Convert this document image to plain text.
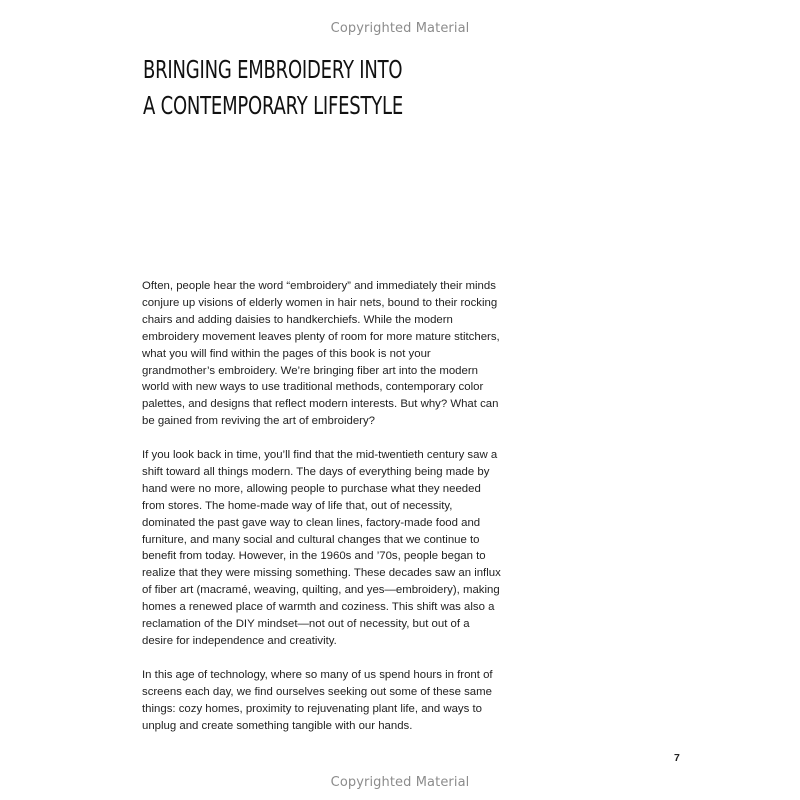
Copyrighted Material
BRINGING EMBROIDERY INTO
A CONTEMPORARY LIFESTYLE

Often, people hear the word “embroidery” and immediately their minds conjure up visions of elderly women in hair nets, bound to their rocking chairs and adding daisies to handkerchiefs. While the modern embroidery movement leaves plenty of room for more mature stitchers, what you will find within the pages of this book is not your grandmother’s embroidery. We’re bringing fiber art into the modern world with new ways to use traditional methods, contemporary color palettes, and designs that reflect modern interests. But why? What can be gained from reviving the art of embroidery?

If you look back in time, you’ll find that the mid-twentieth century saw a shift toward all things modern. The days of everything being made by hand were no more, allowing people to purchase what they needed from stores. The home-made way of life that, out of necessity, dominated the past gave way to clean lines, factory-made food and furniture, and many social and cultural changes that we continue to benefit from today. However, in the 1960s and ’70s, people began to realize that they were missing something. These decades saw an influx of fiber art (macramé, weaving, quilting, and yes—embroidery), making homes a renewed place of warmth and coziness. This shift was also a reclamation of the DIY mindset—not out of necessity, but out of a desire for independence and creativity.

In this age of technology, where so many of us spend hours in front of screens each day, we find ourselves seeking out some of these same things: cozy homes, proximity to rejuvenating plant life, and ways to unplug and create something tangible with our hands.

7
Copyrighted Material
